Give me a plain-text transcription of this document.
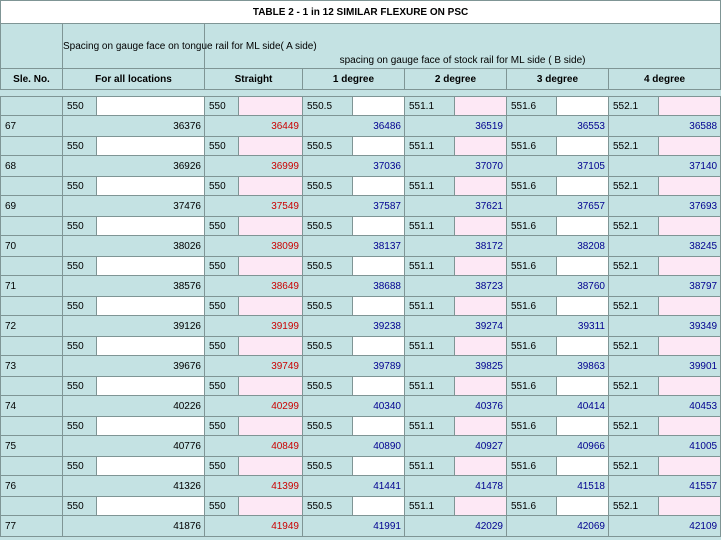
TABLE 2 - 1 in 12 SIMILAR FLEXURE ON PSC												
	Spacing on gauge face on tongue rail for ML side( A side)		spacing on gauge face of stock rail for ML side ( B side)									
Sle. No.	For all locations		Straight		1 degree		2 degree		3 degree		4 degree	

	550		550		550.5		551.1		551.6		552.1	
67	36376		36449		36486		36519		36553		36588	
	550		550		550.5		551.1		551.6		552.1	
68	36926		36999		37036		37070		37105		37140	
	550		550		550.5		551.1		551.6		552.1	
69	37476		37549		37587		37621		37657		37693	
	550		550		550.5		551.1		551.6		552.1	
70	38026		38099		38137		38172		38208		38245	
	550		550		550.5		551.1		551.6		552.1	
71	38576		38649		38688		38723		38760		38797	
	550		550		550.5		551.1		551.6		552.1	
72	39126		39199		39238		39274		39311		39349	
	550		550		550.5		551.1		551.6		552.1	
73	39676		39749		39789		39825		39863		39901	
	550		550		550.5		551.1		551.6		552.1	
74	40226		40299		40340		40376		40414		40453	
	550		550		550.5		551.1		551.6		552.1	
75	40776		40849		40890		40927		40966		41005	
	550		550		550.5		551.1		551.6		552.1	
76	41326		41399		41441		41478		41518		41557	
	550		550		550.5		551.1		551.6		552.1	
77	41876		41949		41991		42029		42069		42109	
